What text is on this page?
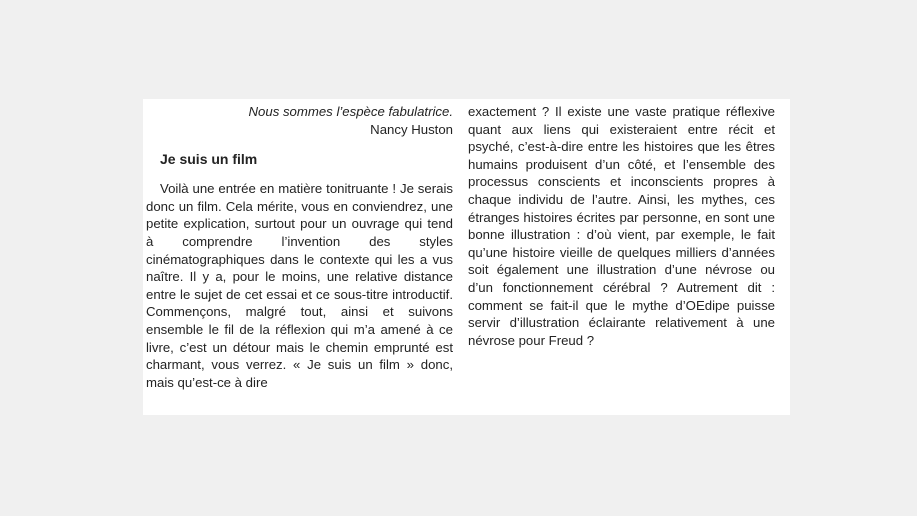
Nous sommes l’espèce fabulatrice.
Nancy Huston

Je suis un film

Voilà une entrée en matière tonitruante ! Je serais donc un film. Cela mérite, vous en conviendrez, une petite explication, surtout pour un ouvrage qui tend à comprendre l’invention des styles cinématographiques dans le contexte qui les a vus naître. Il y a, pour le moins, une relative distance entre le sujet de cet essai et ce sous-titre introductif. Commençons, malgré tout, ainsi et suivons ensemble le fil de la réflexion qui m’a amené à ce livre, c’est un détour mais le chemin emprunté est charmant, vous verrez. « Je suis un film » donc, mais qu’est-ce à dire

exactement ? Il existe une vaste pratique réflexive quant aux liens qui existeraient entre récit et psyché, c’est-à-dire entre les histoires que les êtres humains produisent d’un côté, et l’ensemble des processus conscients et inconscients propres à chaque individu de l’autre. Ainsi, les mythes, ces étranges histoires écrites par personne, en sont une bonne illustration : d’où vient, par exemple, le fait qu’une histoire vieille de quelques milliers d’années soit également une illustration d’une névrose ou d’un fonctionnement cérébral ? Autrement dit : comment se fait-il que le mythe d’OEdipe puisse servir d’illustration éclairante relativement à une névrose pour Freud ?
